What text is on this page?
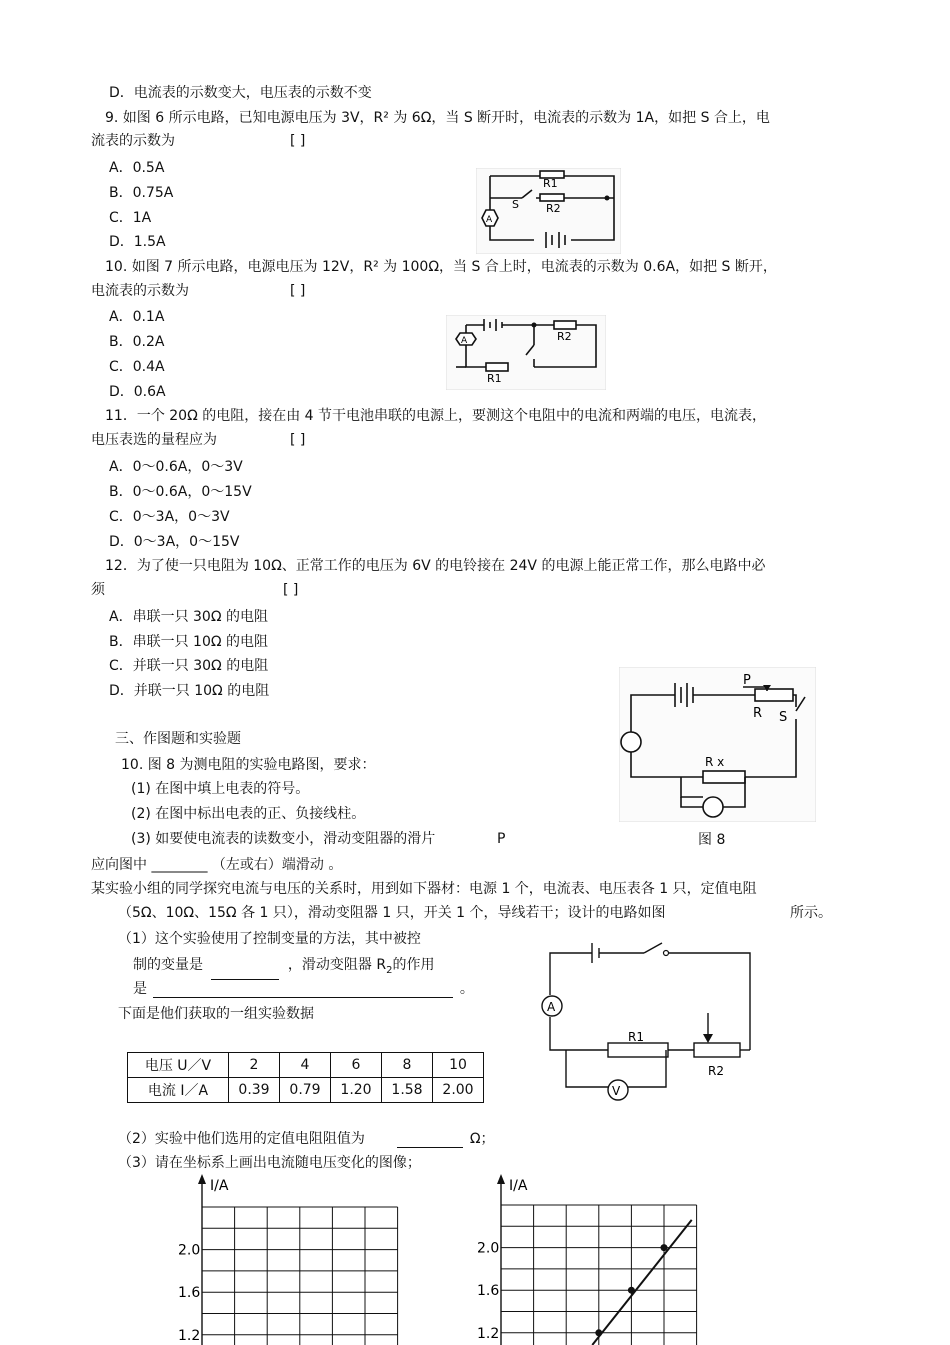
D．电流表的示数变大，电压表的示数不变
9. 如图 6 所示电路，已知电源电压为 3V，R² 为 6Ω，当 S 断开时，电流表的示数为 1A，如把 S 合上，电
流表的示数为	[ ]
A．0.5A
B．0.75A
C．1A
D．1.5A
10. 如图 7 所示电路，电源电压为 12V，R² 为 100Ω，当 S 合上时，电流表的示数为 0.6A，如把 S 断开，
电流表的示数为	[ ]
A．0.1A
B．0.2A
C．0.4A
D．0.6A
11．一个 20Ω 的电阻，接在由 4 节干电池串联的电源上，要测这个电阻中的电流和两端的电压，电流表，
电压表选的量程应为	[ ]
A．0～0.6A，0～3V
B．0～0.6A，0～15V
C．0～3A，0～3V
D．0～3A，0～15V
12．为了使一只电阻为 10Ω、正常工作的电压为 6V 的电铃接在 24V 的电源上能正常工作，那么电路中必
须	[ ]
A．串联一只 30Ω 的电阻
B．串联一只 10Ω 的电阻
C．并联一只 30Ω 的电阻
D．并联一只 10Ω 的电阻
三、作图题和实验题
10. 图 8 为测电阻的实验电路图，要求：
(1) 在图中填上电表的符号。
(2) 在图中标出电表的正、负接线柱。
(3) 如要使电流表的读数变小，滑动变阻器的滑片	P	图 8
应向图中 ________ （左或右）端滑动 。
某实验小组的同学探究电流与电压的关系时，用到如下器材：电源 1 个，电流表、电压表各 1 只，定值电阻
（5Ω、10Ω、15Ω 各 1 只），滑动变阻器 1 只，开关 1 个，导线若干；设计的电路如图	所示。
（1）这个实验使用了控制变量的方法，其中被控
制的变量是	，滑动变阻器 $R_2$的作用
是	。
下面是他们获取的一组实验数据
电压 U／V	2	4	6	8	10
电流 I／A	0.39	0.79	1.20	1.58	2.00
（2）实验中他们选用的定值电阻阻值为	Ω；
（3）请在坐标系上画出电流随电压变化的图像；
R1
R2
S
A
R2
R1
A
P
R S
R x
A
V
R1
R2
I/A
2.0
1.6
1.2
I/A
2.0
1.6
1.2
